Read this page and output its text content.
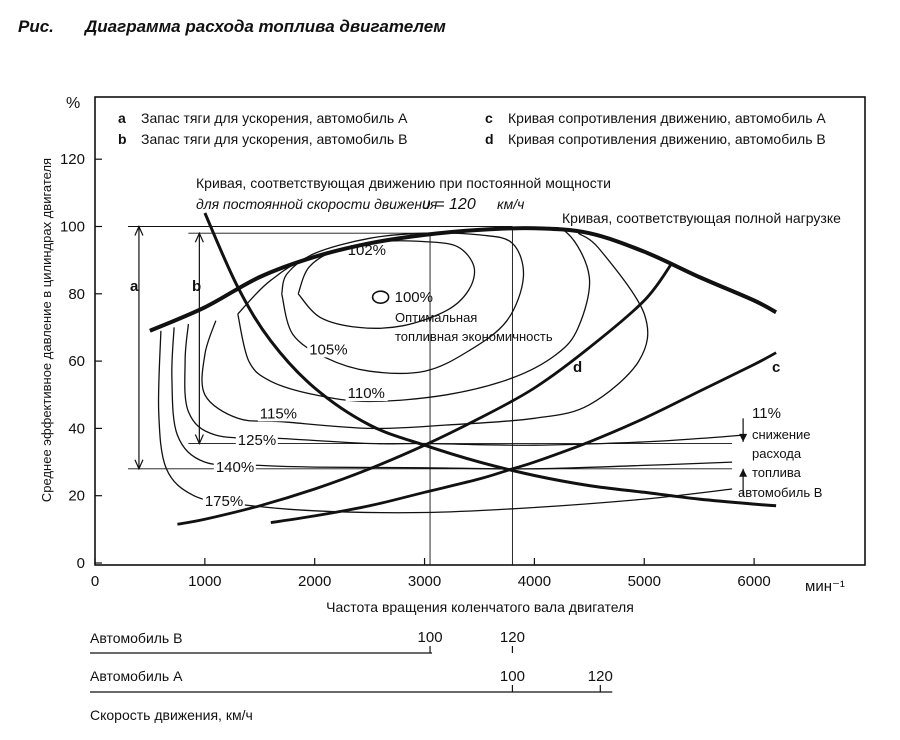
Рис. Диаграмма расхода топлива двигателем
a Запас тяги для ускорения, автомобиль А
b Запас тяги для ускорения, автомобиль В
c Кривая сопротивления движению, автомобиль А
d Кривая сопротивления движению, автомобиль В
Кривая, соответствующая движению при постоянной мощности
для постоянной скорости движения
υ = 120 км/ч
Кривая, соответствующая полной нагрузке
%
мин⁻¹
Частота вращения коленчатого вала двигателя
Среднее эффективное давление в цилиндрах двигателя
0	1000	2000	3000	4000	5000	6000
0
20
40
60
80
100
120
102%
105%
110%
115%
125%
140%
175%
100%
Оптимальная
топливная экономичность
a	b
c
d
11%
снижение
расхода
топлива
автомобиль В
100	120
100	120
Автомобиль В
Автомобиль А
Скорость движения, км/ч
